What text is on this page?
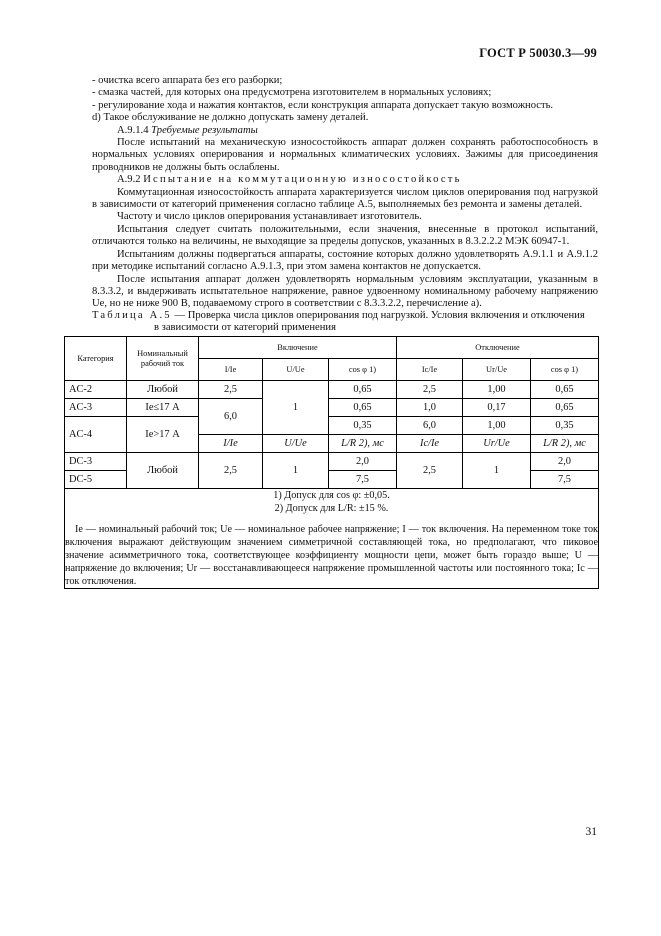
ГОСТ Р 50030.3—99

- очистка всего аппарата без его разборки;

- смазка частей, для которых она предусмотрена изготовителем в нормальных условиях;

- регулирование хода и нажатия контактов, если конструкция аппарата допускает такую возможность.

d) Такое обслуживание не должно допускать замену деталей.

А.9.1.4 Требуемые результаты

После испытаний на механическую износостойкость аппарат должен сохранять работоспособность в нормальных условиях оперирования и нормальных климатических условиях. Зажимы для присоединения проводников не должны быть ослаблены.

А.9.2 Испытание на коммутационную износостойкость

Коммутационная износостойкость аппарата характеризуется числом циклов оперирования под нагрузкой в зависимости от категорий применения согласно таблице А.5, выполняемых без ремонта и замены деталей.

Частоту и число циклов оперирования устанавливает изготовитель.

Испытания следует считать положительными, если значения, внесенные в протокол испытаний, отличаются только на величины, не выходящие за пределы допусков, указанных в 8.3.2.2.2 МЭК 60947-1.

Испытаниям должны подвергаться аппараты, состояние которых должно удовлетворять А.9.1.1 и А.9.1.2 при методике испытаний согласно А.9.1.3, при этом замена контактов не допускается.

После испытания аппарат должен удовлетворять нормальным условиям эксплуатации, указанным в 8.3.3.2, и выдерживать испытательное напряжение, равное удвоенному номинальному рабочему напряжению Ue, но не ниже 900 В, подаваемому строго в соответствии с 8.3.3.2.2, перечисление а).

Таблица А.5 — Проверка числа циклов оперирования под нагрузкой. Условия включения и отключения
в зависимости от категорий применения
Категория	Номинальный рабочий ток	Включение			Отключение		
		I/Ie	U/Ue	cos φ 1)	Ic/Ie	Ur/Ue	cos φ 1)
AC-2	Любой	2,5	1	0,65	2,5	1,00	0,65
AC-3	Ie≤17 А	6,0		0,65	1,0	0,17	0,65
AC-4	Ie>17 А			0,35	6,0	1,00	0,35
		I/Ie	U/Ue	L/R 2), мс	Ic/Ie	Ur/Ue	L/R 2), мс
DC-3	Любой	2,5	1	2,0	2,5	1	2,0
DC-5				7,5			7,5

1) Допуск для cos φ: ±0,05.

2) Допуск для L/R: ±15 %.

Ie — номинальный рабочий ток; Ue — номинальное рабочее напряжение; I — ток включения. На переменном токе ток включения выражают действующим значением симметричной составляющей тока, но предполагают, что пиковое значение асимметричного тока, соответствующее коэффициенту мощности цепи, может быть гораздо выше; U — напряжение до включения; Ur — восстанавливающееся напряжение промышленной частоты или постоянного тока; Ic — ток отключения.							

31
